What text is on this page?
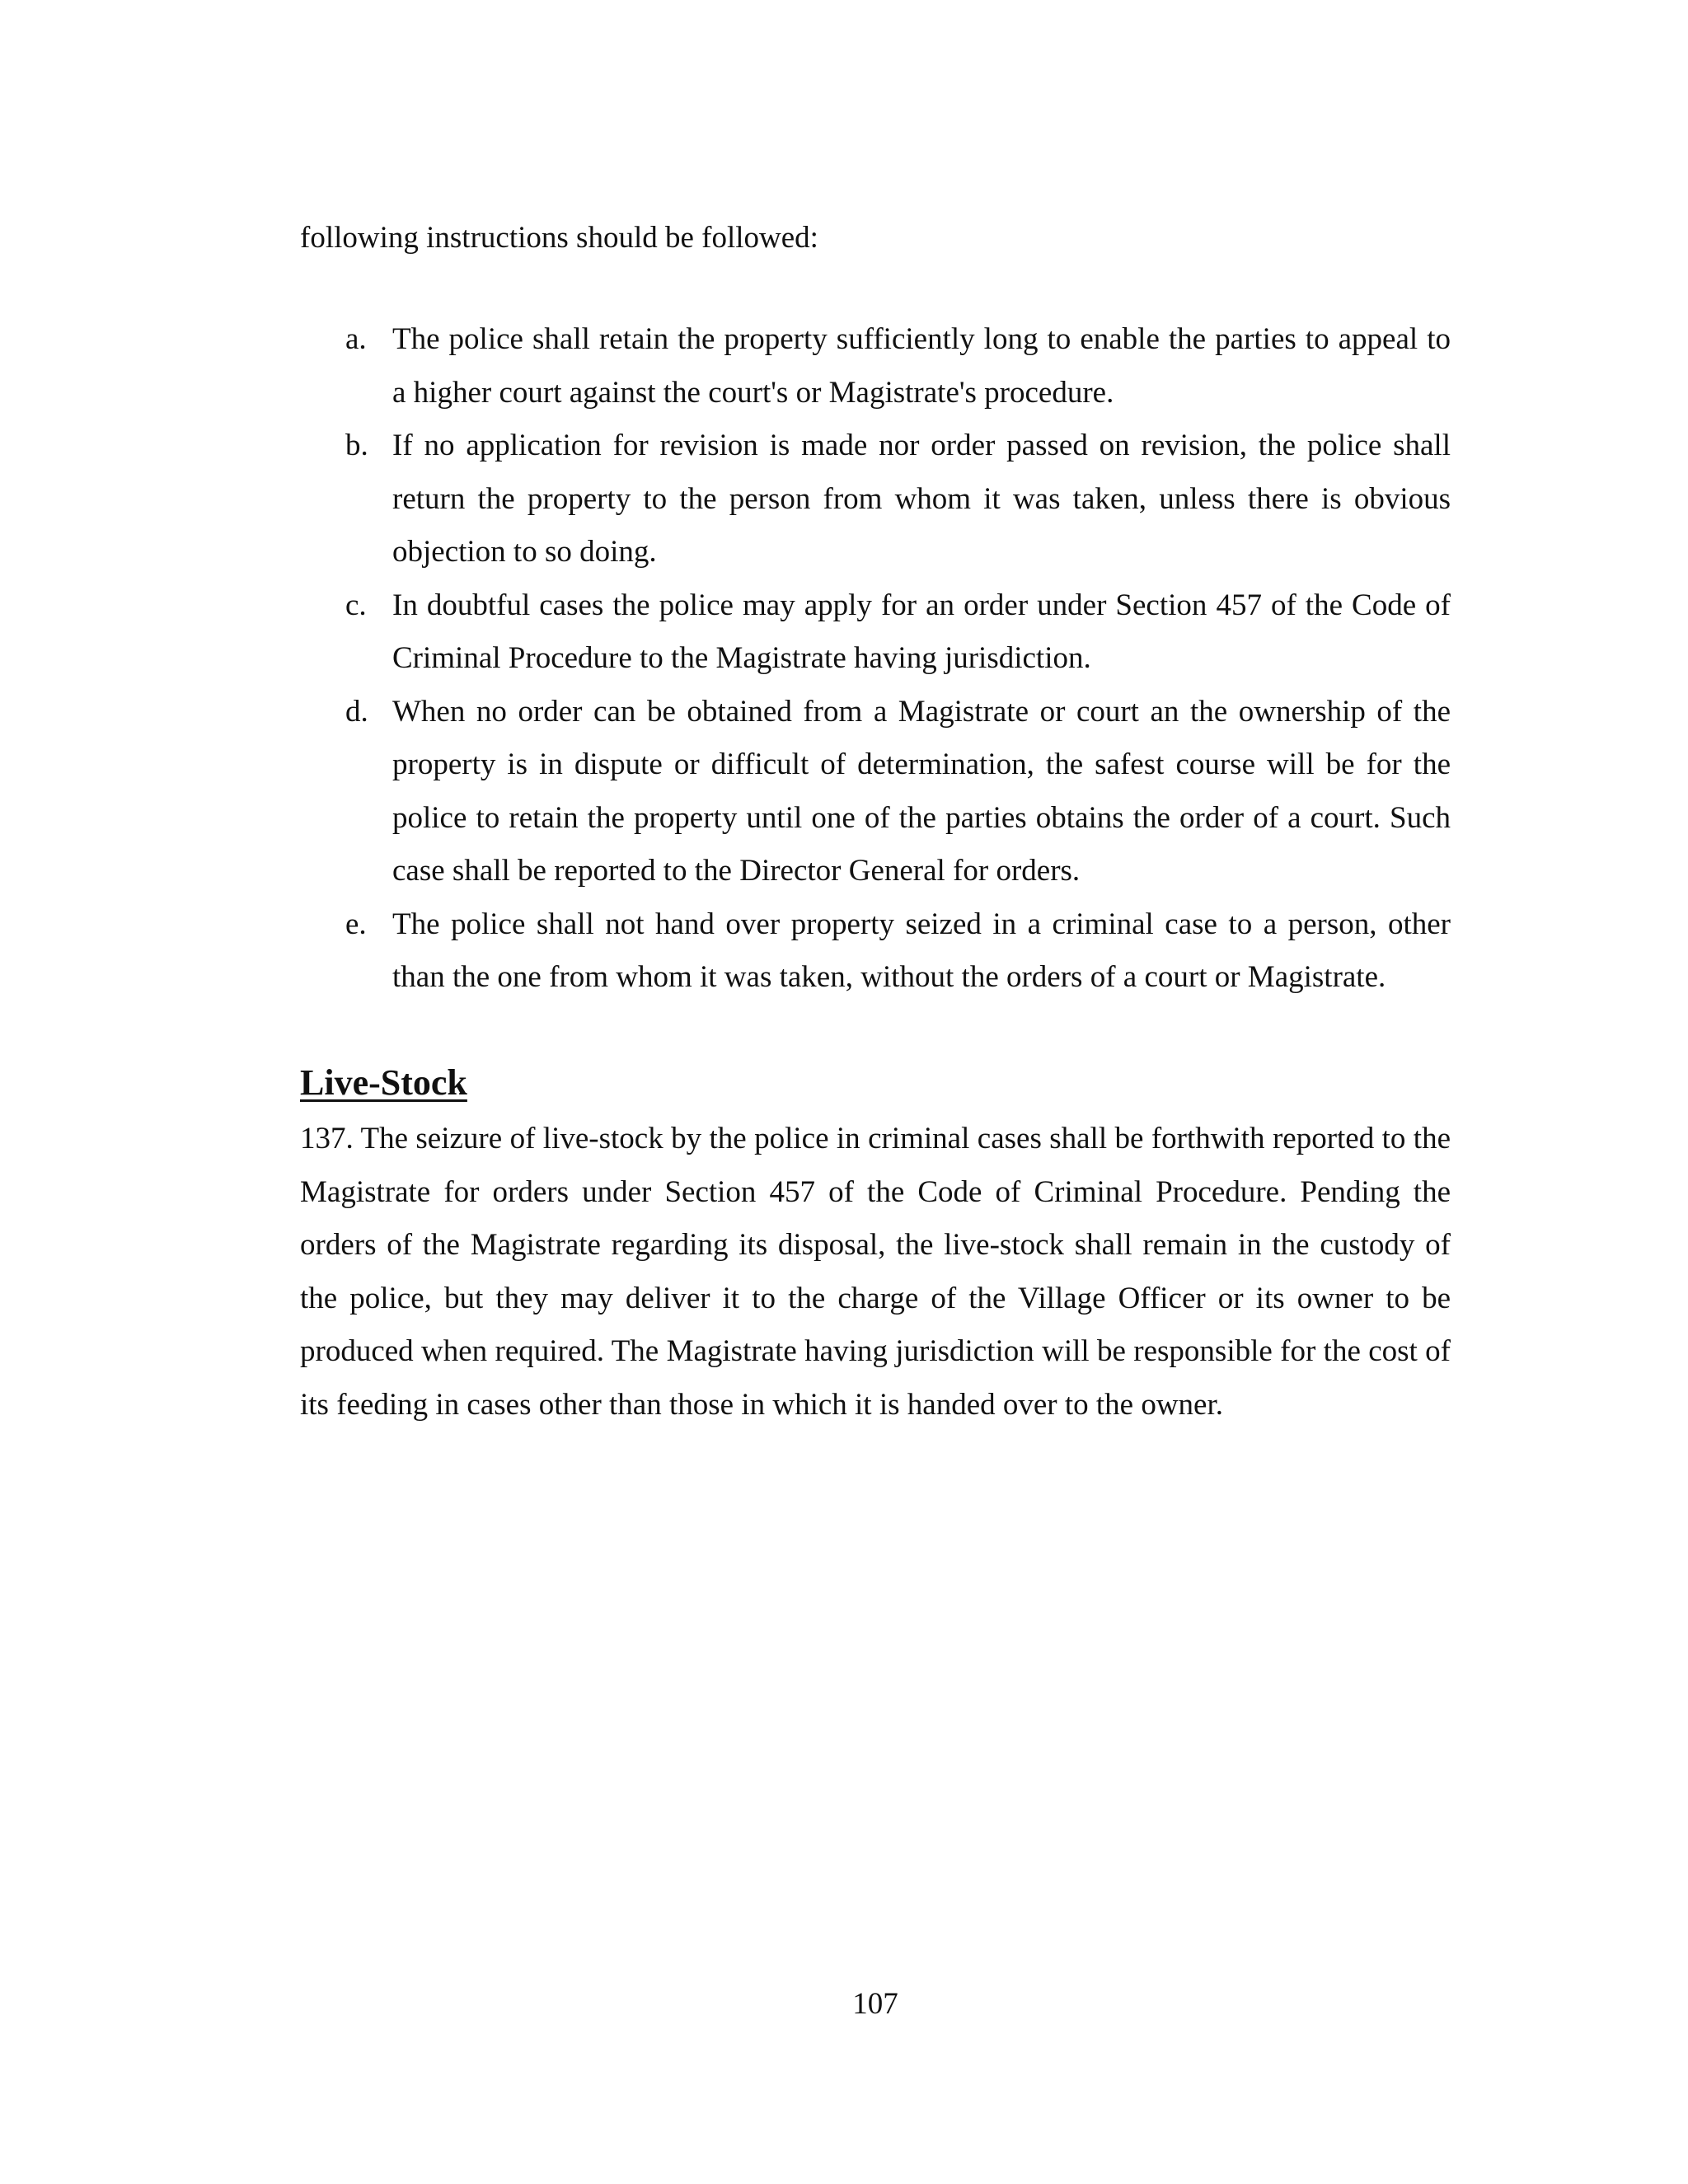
following instructions should be followed:

a. The police shall retain the property sufficiently long to enable the parties to appeal to a higher court against the court's or Magistrate's procedure.
b. If no application for revision is made nor order passed on revision, the police shall return the property to the person from whom it was taken, unless there is obvious objection to so doing.
c. In doubtful cases the police may apply for an order under Section 457 of the Code of Criminal Procedure to the Magistrate having jurisdiction.
d. When no order can be obtained from a Magistrate or court an the ownership of the property is in dispute or difficult of determination, the safest course will be for the police to retain the property until one of the parties obtains the order of a court. Such case shall be reported to the Director General for orders.
e. The police shall not hand over property seized in a criminal case to a person, other than the one from whom it was taken, without the orders of a court or Magistrate.
Live-Stock

137. The seizure of live-stock by the police in criminal cases shall be forthwith reported to the Magistrate for orders under Section 457 of the Code of Criminal Procedure. Pending the orders of the Magistrate regarding its disposal, the live-stock shall remain in the custody of the police, but they may deliver it to the charge of the Village Officer or its owner to be produced when required. The Magistrate having jurisdiction will be responsible for the cost of its feeding in cases other than those in which it is handed over to the owner.

107
